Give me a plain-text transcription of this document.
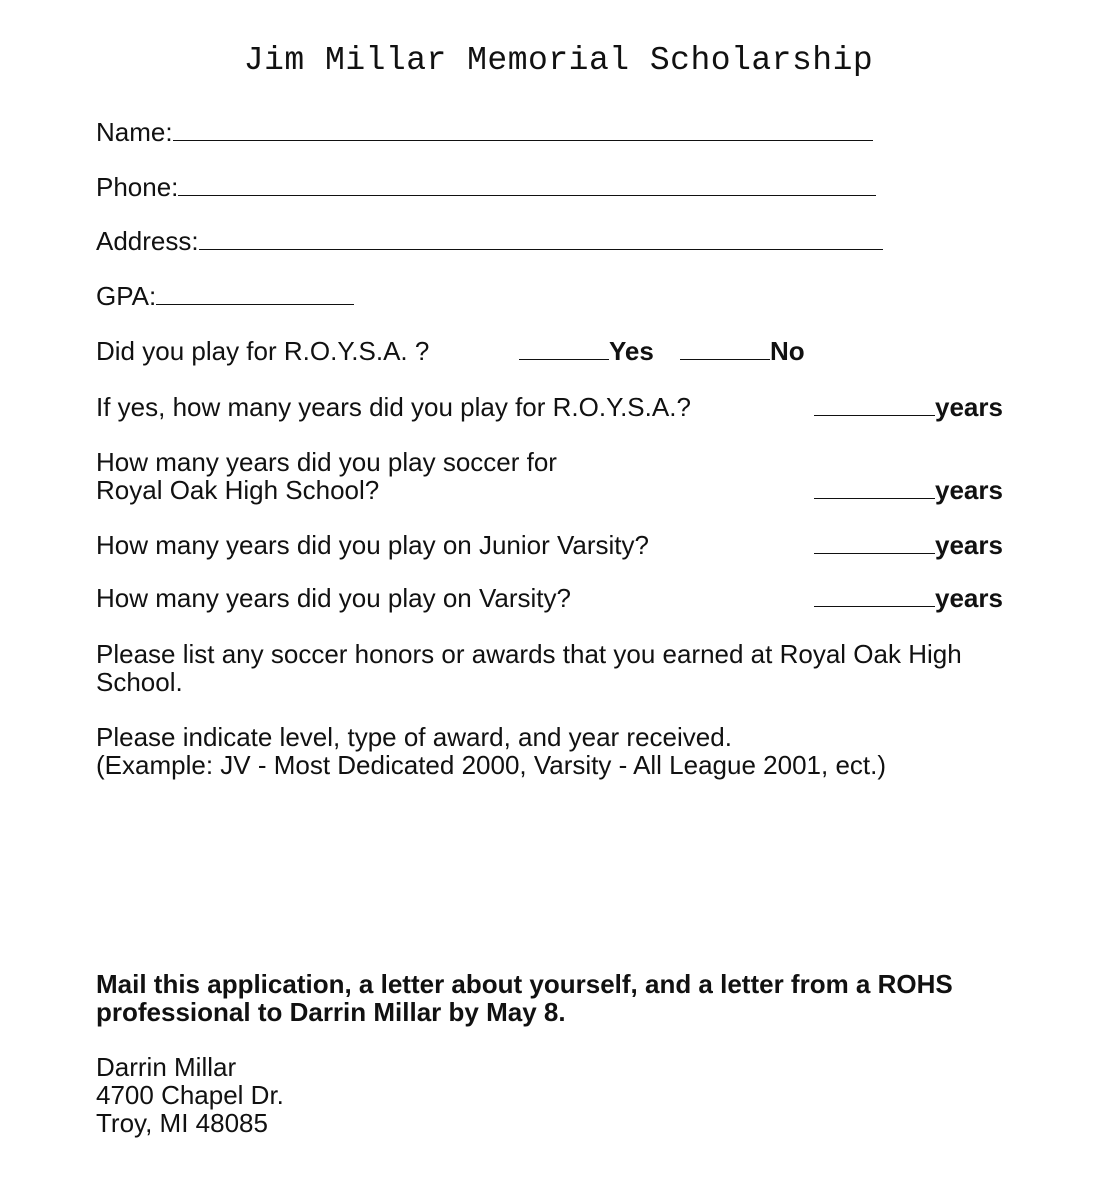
Jim Millar Memorial Scholarship
Name:
Phone:
Address:
GPA:
Did you play for R.O.Y.S.A. ?	Yes	No
If yes, how many years did you play for R.O.Y.S.A.?	years
How many years did you play soccer for
Royal Oak High School?	years
How many years did you play on Junior Varsity?	years
How many years did you play on Varsity?	years
Please list any soccer honors or awards that you earned at Royal Oak High
School.
Please indicate level, type of award, and year received.
(Example: JV - Most Dedicated 2000, Varsity - All League 2001, ect.)
Mail this application, a letter about yourself, and a letter from a ROHS
professional to Darrin Millar by May 8.
Darrin Millar
4700 Chapel Dr.
Troy, MI 48085
